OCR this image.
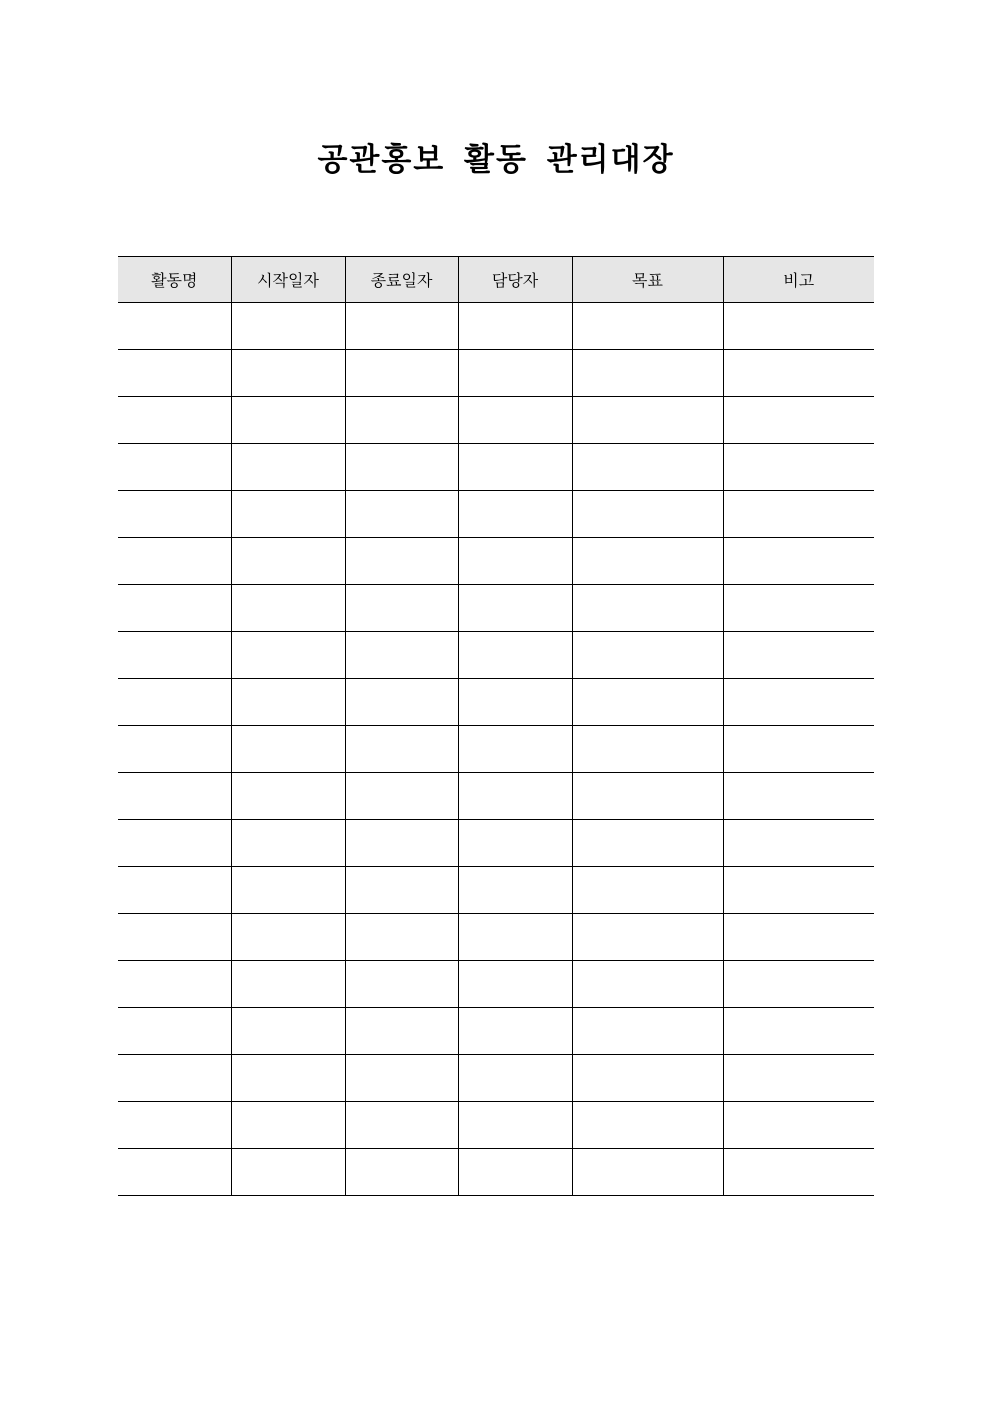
공관홍보 활동 관리대장
활동명	시작일자	종료일자	담당자	목표	비고
